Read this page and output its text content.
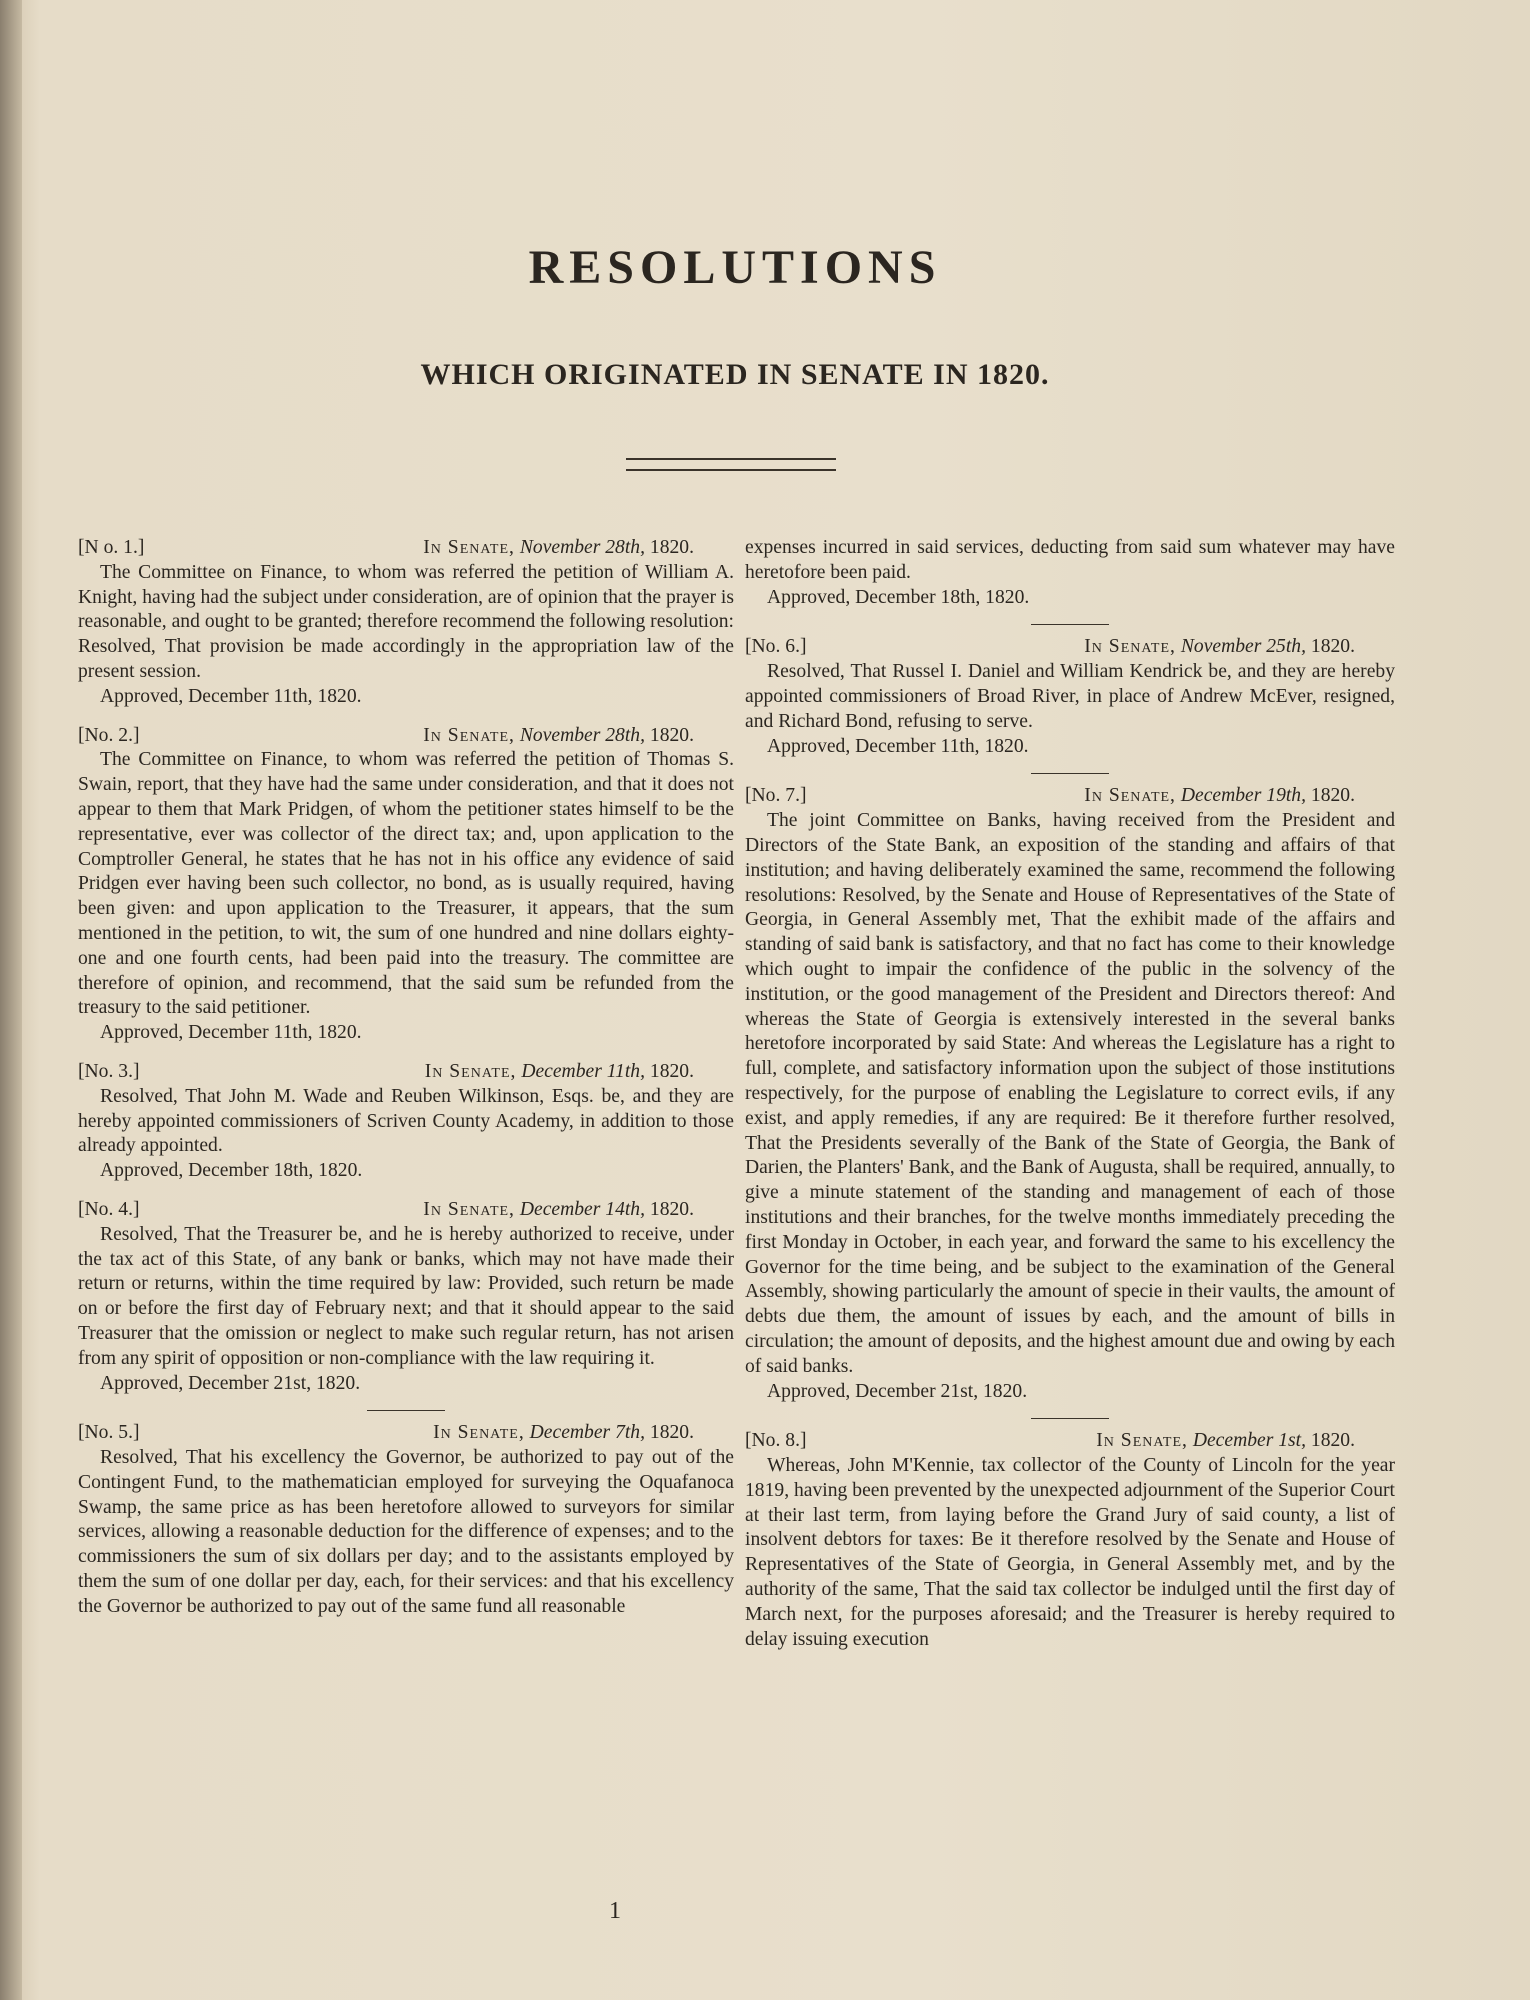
RESOLUTIONS
WHICH ORIGINATED IN SENATE IN 1820.
[N o. 1.]	In Senate, November 28th, 1820.
The Committee on Finance, to whom was referred the petition of William A. Knight, having had the subject under consideration, are of opinion that the prayer is reasonable, and ought to be granted; therefore recommend the following resolution: Resolved, That provision be made accordingly in the appropriation law of the present session.
Approved, December 11th, 1820.
[No. 2.]	In Senate, November 28th, 1820.
The Committee on Finance, to whom was referred the petition of Thomas S. Swain, report, that they have had the same under consideration, and that it does not appear to them that Mark Pridgen, of whom the petitioner states himself to be the representative, ever was collector of the direct tax; and, upon application to the Comptroller General, he states that he has not in his office any evidence of said Pridgen ever having been such collector, no bond, as is usually required, having been given: and upon application to the Treasurer, it appears, that the sum mentioned in the petition, to wit, the sum of one hundred and nine dollars eighty-one and one fourth cents, had been paid into the treasury. The committee are therefore of opinion, and recommend, that the said sum be refunded from the treasury to the said petitioner.
Approved, December 11th, 1820.
[No. 3.]	In Senate, December 11th, 1820.
Resolved, That John M. Wade and Reuben Wilkinson, Esqs. be, and they are hereby appointed commissioners of Scriven County Academy, in addition to those already appointed.
Approved, December 18th, 1820.
[No. 4.]	In Senate, December 14th, 1820.
Resolved, That the Treasurer be, and he is hereby authorized to receive, under the tax act of this State, of any bank or banks, which may not have made their return or returns, within the time required by law: Provided, such return be made on or before the first day of February next; and that it should appear to the said Treasurer that the omission or neglect to make such regular return, has not arisen from any spirit of opposition or non-compliance with the law requiring it.
Approved, December 21st, 1820.
[No. 5.]	In Senate, December 7th, 1820.
Resolved, That his excellency the Governor, be authorized to pay out of the Contingent Fund, to the mathematician employed for surveying the Oquafanoca Swamp, the same price as has been heretofore allowed to surveyors for similar services, allowing a reasonable deduction for the difference of expenses; and to the commissioners the sum of six dollars per day; and to the assistants employed by them the sum of one dollar per day, each, for their services: and that his excellency the Governor be authorized to pay out of the same fund all reasonable
expenses incurred in said services, deducting from said sum whatever may have heretofore been paid.
Approved, December 18th, 1820.
[No. 6.]	In Senate, November 25th, 1820.
Resolved, That Russel I. Daniel and William Kendrick be, and they are hereby appointed commissioners of Broad River, in place of Andrew McEver, resigned, and Richard Bond, refusing to serve.
Approved, December 11th, 1820.
[No. 7.]	In Senate, December 19th, 1820.
The joint Committee on Banks, having received from the President and Directors of the State Bank, an exposition of the standing and affairs of that institution; and having deliberately examined the same, recommend the following resolutions: Resolved, by the Senate and House of Representatives of the State of Georgia, in General Assembly met, That the exhibit made of the affairs and standing of said bank is satisfactory, and that no fact has come to their knowledge which ought to impair the confidence of the public in the solvency of the institution, or the good management of the President and Directors thereof: And whereas the State of Georgia is extensively interested in the several banks heretofore incorporated by said State: And whereas the Legislature has a right to full, complete, and satisfactory information upon the subject of those institutions respectively, for the purpose of enabling the Legislature to correct evils, if any exist, and apply remedies, if any are required: Be it therefore further resolved, That the Presidents severally of the Bank of the State of Georgia, the Bank of Darien, the Planters' Bank, and the Bank of Augusta, shall be required, annually, to give a minute statement of the standing and management of each of those institutions and their branches, for the twelve months immediately preceding the first Monday in October, in each year, and forward the same to his excellency the Governor for the time being, and be subject to the examination of the General Assembly, showing particularly the amount of specie in their vaults, the amount of debts due them, the amount of issues by each, and the amount of bills in circulation; the amount of deposits, and the highest amount due and owing by each of said banks.
Approved, December 21st, 1820.
[No. 8.]	In Senate, December 1st, 1820.
Whereas, John M'Kennie, tax collector of the County of Lincoln for the year 1819, having been prevented by the unexpected adjournment of the Superior Court at their last term, from laying before the Grand Jury of said county, a list of insolvent debtors for taxes: Be it therefore resolved by the Senate and House of Representatives of the State of Georgia, in General Assembly met, and by the authority of the same, That the said tax collector be indulged until the first day of March next, for the purposes aforesaid; and the Treasurer is hereby required to delay issuing execution
1
